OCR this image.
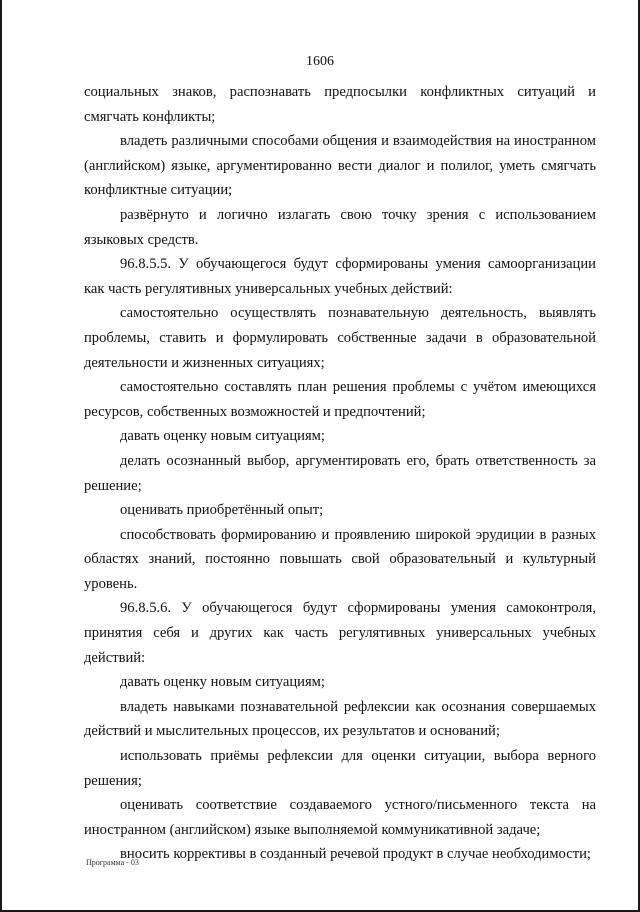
1606

социальных знаков, распознавать предпосылки конфликтных ситуаций и смягчать конфликты;

владеть различными способами общения и взаимодействия на иностранном (английском) языке, аргументированно вести диалог и полилог, уметь смягчать конфликтные ситуации;

развёрнуто и логично излагать свою точку зрения с использованием языковых средств.

96.8.5.5. У обучающегося будут сформированы умения самоорганизации как часть регулятивных универсальных учебных действий:

самостоятельно осуществлять познавательную деятельность, выявлять проблемы, ставить и формулировать собственные задачи в образовательной деятельности и жизненных ситуациях;

самостоятельно составлять план решения проблемы с учётом имеющихся ресурсов, собственных возможностей и предпочтений;

давать оценку новым ситуациям;

делать осознанный выбор, аргументировать его, брать ответственность за решение;

оценивать приобретённый опыт;

способствовать формированию и проявлению широкой эрудиции в разных областях знаний, постоянно повышать свой образовательный и культурный уровень.

96.8.5.6. У обучающегося будут сформированы умения самоконтроля, принятия себя и других как часть регулятивных универсальных учебных действий:

давать оценку новым ситуациям;

владеть навыками познавательной рефлексии как осознания совершаемых действий и мыслительных процессов, их результатов и оснований;

использовать приёмы рефлексии для оценки ситуации, выбора верного решения;

оценивать соответствие создаваемого устного/письменного текста на иностранном (английском) языке выполняемой коммуникативной задаче;

вносить коррективы в созданный речевой продукт в случае необходимости;

Программа - 03
